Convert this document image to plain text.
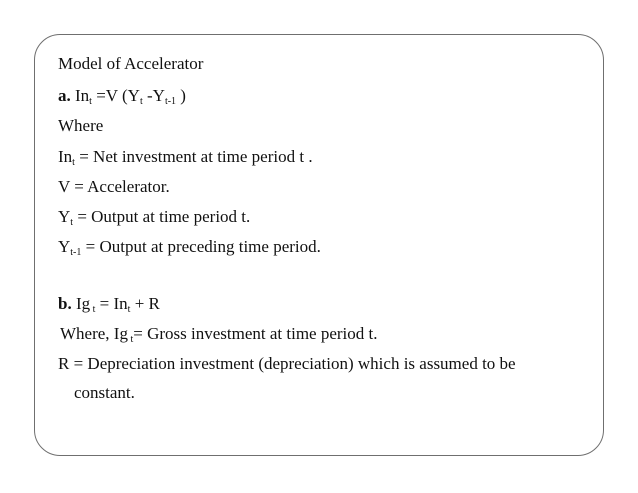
Model of Accelerator
a. $In_t =V$ ($Y_t$ $-Y_{t-1}$ )
Where
$In_t$ = Net investment at time period t .
V = Accelerator.
$Y_t$ = Output at time period t.
$Y_{t-1}$ = Output at preceding time period.
b. Ig $_t = In_t + R$
Where, Ig $_t$= Gross investment at time period t.
R = Depreciation investment (depreciation) which is assumed to be
constant.
